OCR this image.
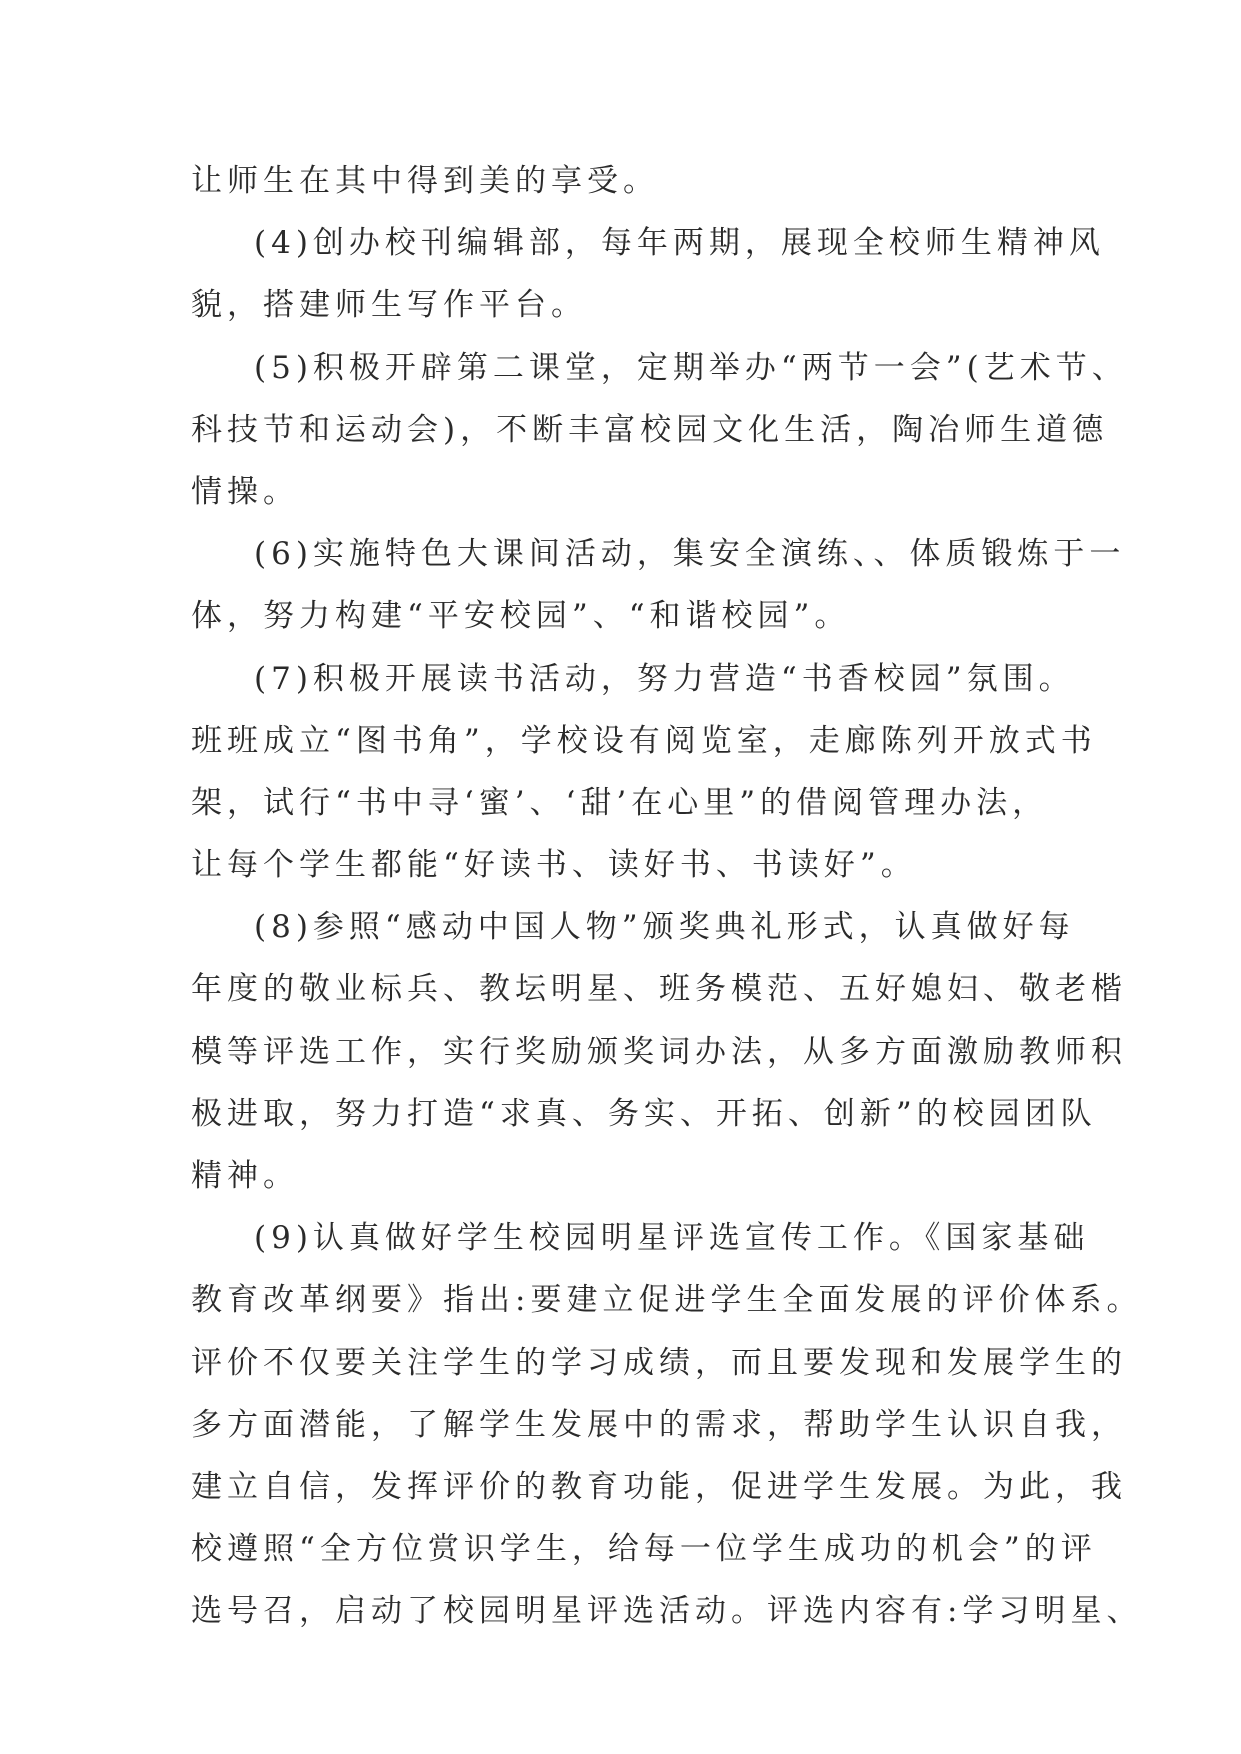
让师生在其中得到美的享受。
(4)创办校刊编辑部，每年两期，展现全校师生精神风
貌，搭建师生写作平台。
(5)积极开辟第二课堂，定期举办“两节一会”(艺术节、
科技节和运动会)，不断丰富校园文化生活，陶冶师生道德
情操。
(6)实施特色大课间活动，集安全演练、、体质锻炼于一
体，努力构建“平安校园”、“和谐校园”。
(7)积极开展读书活动，努力营造“书香校园”氛围。
班班成立“图书角”，学校设有阅览室，走廊陈列开放式书
架，试行“书中寻‘蜜’、‘甜’在心里”的借阅管理办法，
让每个学生都能“好读书、读好书、书读好”。
(8)参照“感动中国人物”颁奖典礼形式，认真做好每
年度的敬业标兵、教坛明星、班务模范、五好媳妇、敬老楷
模等评选工作，实行奖励颁奖词办法，从多方面激励教师积
极进取，努力打造“求真、务实、开拓、创新”的校园团队
精神。
(9)认真做好学生校园明星评选宣传工作。《国家基础
教育改革纲要》指出:要建立促进学生全面发展的评价体系。
评价不仅要关注学生的学习成绩，而且要发现和发展学生的
多方面潜能，了解学生发展中的需求，帮助学生认识自我，
建立自信，发挥评价的教育功能，促进学生发展。为此，我
校遵照“全方位赏识学生，给每一位学生成功的机会”的评
选号召，启动了校园明星评选活动。评选内容有:学习明星、
